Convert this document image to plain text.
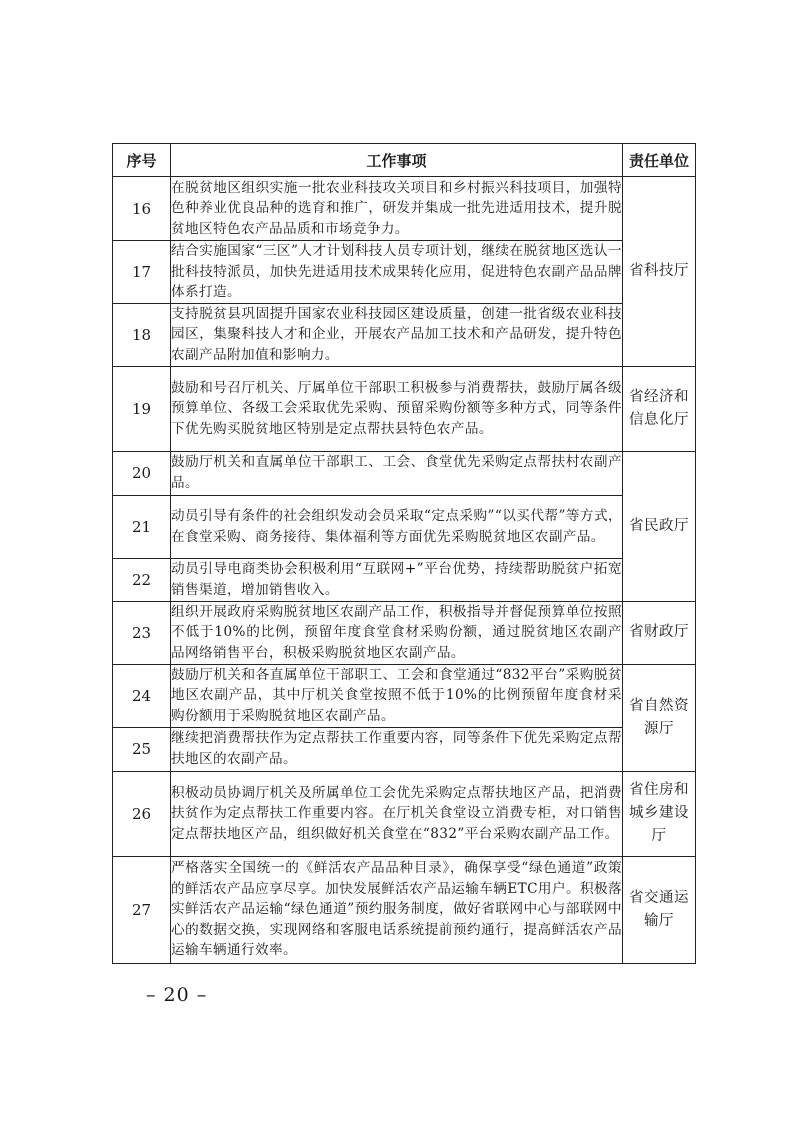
序号	工作事项	责任单位
16	在脱贫地区组织实施一批农业科技攻关项目和乡村振兴科技项目，加强特色种养业优良品种的选育和推广，研发并集成一批先进适用技术，提升脱贫地区特色农产品品质和市场竞争力。	省科技厅
17	结合实施国家“三区”人才计划科技人员专项计划，继续在脱贫地区选认一批科技特派员，加快先进适用技术成果转化应用，促进特色农副产品品牌体系打造。	
18	支持脱贫县巩固提升国家农业科技园区建设质量，创建一批省级农业科技园区，集聚科技人才和企业，开展农产品加工技术和产品研发，提升特色农副产品附加值和影响力。	
19	鼓励和号召厅机关、厅属单位干部职工积极参与消费帮扶，鼓励厅属各级预算单位、各级工会采取优先采购、预留采购份额等多种方式，同等条件下优先购买脱贫地区特别是定点帮扶县特色农产品。	省经济和信息化厅
20	鼓励厅机关和直属单位干部职工、工会、食堂优先采购定点帮扶村农副产品。	省民政厅
21	动员引导有条件的社会组织发动会员采取“定点采购”“以买代帮”等方式，在食堂采购、商务接待、集体福利等方面优先采购脱贫地区农副产品。	
22	动员引导电商类协会积极利用“互联网+”平台优势，持续帮助脱贫户拓宽销售渠道，增加销售收入。	
23	组织开展政府采购脱贫地区农副产品工作，积极指导并督促预算单位按照不低于10%的比例，预留年度食堂食材采购份额，通过脱贫地区农副产品网络销售平台，积极采购脱贫地区农副产品。	省财政厅
24	鼓励厅机关和各直属单位干部职工、工会和食堂通过“832平台”采购脱贫地区农副产品，其中厅机关食堂按照不低于10%的比例预留年度食材采购份额用于采购脱贫地区农副产品。	省自然资源厅
25	继续把消费帮扶作为定点帮扶工作重要内容，同等条件下优先采购定点帮扶地区的农副产品。	
26	积极动员协调厅机关及所属单位工会优先采购定点帮扶地区产品，把消费扶贫作为定点帮扶工作重要内容。在厅机关食堂设立消费专柜，对口销售定点帮扶地区产品，组织做好机关食堂在“832”平台采购农副产品工作。	省住房和城乡建设厅
27	严格落实全国统一的《鲜活农产品品种目录》，确保享受“绿色通道”政策的鲜活农产品应享尽享。加快发展鲜活农产品运输车辆ETC用户。积极落实鲜活农产品运输“绿色通道”预约服务制度，做好省联网中心与部联网中心的数据交换，实现网络和客服电话系统提前预约通行，提高鲜活农产品运输车辆通行效率。	省交通运输厅
– 20 –
